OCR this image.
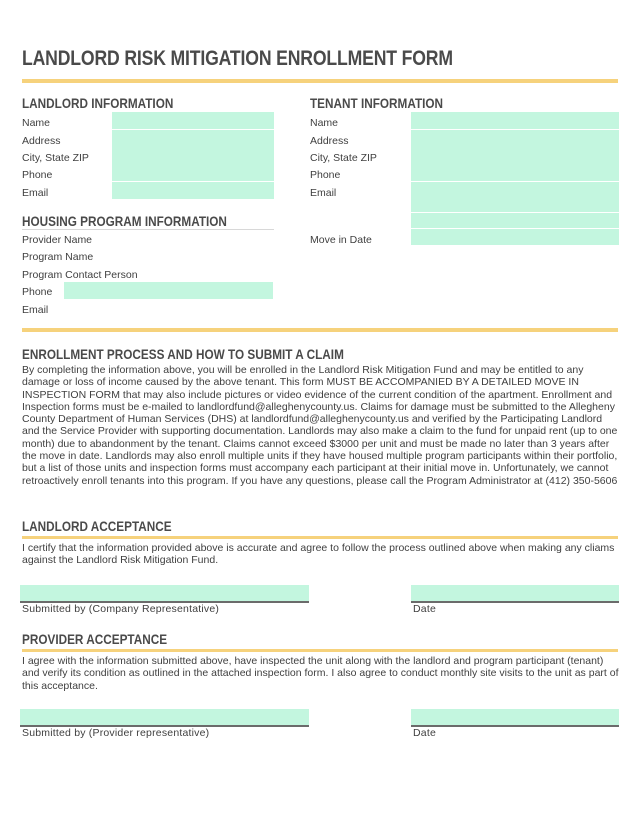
LANDLORD RISK MITIGATION ENROLLMENT FORM
LANDLORD INFORMATION
Name
Address
City, State ZIP
Phone
Email
TENANT INFORMATION
Name
Address
City, State ZIP
Phone
Email
Move in Date
HOUSING PROGRAM INFORMATION
Provider Name
Program Name
Program Contact Person
Phone
Email
ENROLLMENT PROCESS AND HOW TO SUBMIT A CLAIM
By completing the information above, you will be enrolled in the Landlord Risk Mitigation Fund and may be entitled to any damage or loss of income caused by the above tenant. This form MUST BE ACCOMPANIED BY A DETAILED MOVE IN INSPECTION FORM that may also include pictures or video evidence of the current condition of the apartment. Enrollment and Inspection forms must be e-mailed to landlordfund@alleghenycounty.us. Claims for damage must be submitted to the Allegheny County Department of Human Services (DHS) at landlordfund@alleghenycounty.us and verified by the Participating Landlord and the Service Provider with supporting documentation. Landlords may also make a claim to the fund for unpaid rent (up to one month) due to abandonment by the tenant. Claims cannot exceed $3000 per unit and must be made no later than 3 years after the move in date. Landlords may also enroll multiple units if they have housed multiple program participants within their portfolio, but a list of those units and inspection forms must accompany each participant at their initial move in. Unfortunately, we cannot retroactively enroll tenants into this program. If you have any questions, please call the Program Administrator at (412) 350-5606
LANDLORD ACCEPTANCE
I certify that the information provided above is accurate and agree to follow the process outlined above when making any cliams against the Landlord Risk Mitigation Fund.
Submitted by (Company Representative)	Date
PROVIDER ACCEPTANCE
I agree with the information submitted above, have inspected the unit along with the landlord and program participant (tenant) and verify its condition as outlined in the attached inspection form. I also agree to conduct monthly site visits to the unit as part of this acceptance.
Submitted by (Provider representative)	Date
